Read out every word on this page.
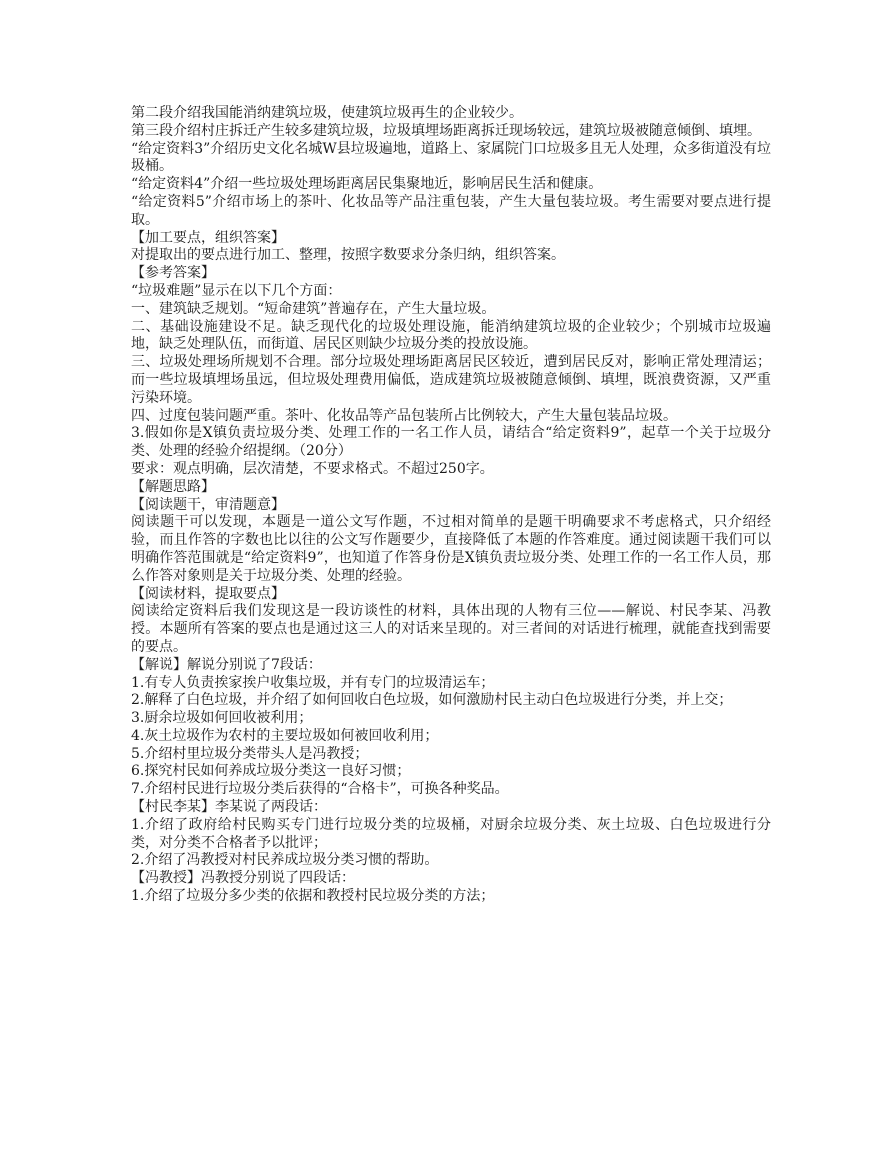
第二段介绍我国能消纳建筑垃圾，使建筑垃圾再生的企业较少。

第三段介绍村庄拆迁产生较多建筑垃圾，垃圾填埋场距离拆迁现场较远，建筑垃圾被随意倾倒、填埋。

“给定资料3”介绍历史文化名城W县垃圾遍地，道路上、家属院门口垃圾多且无人处理，众多街道没有垃圾桶。

“给定资料4”介绍一些垃圾处理场距离居民集聚地近，影响居民生活和健康。

“给定资料5”介绍市场上的茶叶、化妆品等产品注重包装，产生大量包装垃圾。考生需要对要点进行提取。

【加工要点，组织答案】

对提取出的要点进行加工、整理，按照字数要求分条归纳，组织答案。

【参考答案】

“垃圾难题”显示在以下几个方面：

一、建筑缺乏规划。“短命建筑”普遍存在，产生大量垃圾。

二、基础设施建设不足。缺乏现代化的垃圾处理设施，能消纳建筑垃圾的企业较少；个别城市垃圾遍地，缺乏处理队伍，而街道、居民区则缺少垃圾分类的投放设施。

三、垃圾处理场所规划不合理。部分垃圾处理场距离居民区较近，遭到居民反对，影响正常处理清运；而一些垃圾填埋场虽远，但垃圾处理费用偏低，造成建筑垃圾被随意倾倒、填埋，既浪费资源，又严重污染环境。

四、过度包装问题严重。茶叶、化妆品等产品包装所占比例较大，产生大量包装品垃圾。

3.假如你是X镇负责垃圾分类、处理工作的一名工作人员，请结合“给定资料9”，起草一个关于垃圾分类、处理的经验介绍提纲。（20分）

要求：观点明确，层次清楚，不要求格式。不超过250字。

【解题思路】

【阅读题干，审清题意】

阅读题干可以发现，本题是一道公文写作题，不过相对简单的是题干明确要求不考虑格式，只介绍经验，而且作答的字数也比以往的公文写作题要少，直接降低了本题的作答难度。通过阅读题干我们可以明确作答范围就是“给定资料9”，也知道了作答身份是X镇负责垃圾分类、处理工作的一名工作人员，那么作答对象则是关于垃圾分类、处理的经验。

【阅读材料，提取要点】

阅读给定资料后我们发现这是一段访谈性的材料，具体出现的人物有三位——解说、村民李某、冯教授。本题所有答案的要点也是通过这三人的对话来呈现的。对三者间的对话进行梳理，就能查找到需要的要点。

【解说】解说分别说了7段话：

1.有专人负责挨家挨户收集垃圾，并有专门的垃圾清运车；

2.解释了白色垃圾，并介绍了如何回收白色垃圾，如何激励村民主动白色垃圾进行分类，并上交；

3.厨余垃圾如何回收被利用；

4.灰土垃圾作为农村的主要垃圾如何被回收利用；

5.介绍村里垃圾分类带头人是冯教授；

6.探究村民如何养成垃圾分类这一良好习惯；

7.介绍村民进行垃圾分类后获得的“合格卡”，可换各种奖品。

【村民李某】李某说了两段话：

1.介绍了政府给村民购买专门进行垃圾分类的垃圾桶，对厨余垃圾分类、灰土垃圾、白色垃圾进行分类，对分类不合格者予以批评；

2.介绍了冯教授对村民养成垃圾分类习惯的帮助。

【冯教授】冯教授分别说了四段话：

1.介绍了垃圾分多少类的依据和教授村民垃圾分类的方法；
